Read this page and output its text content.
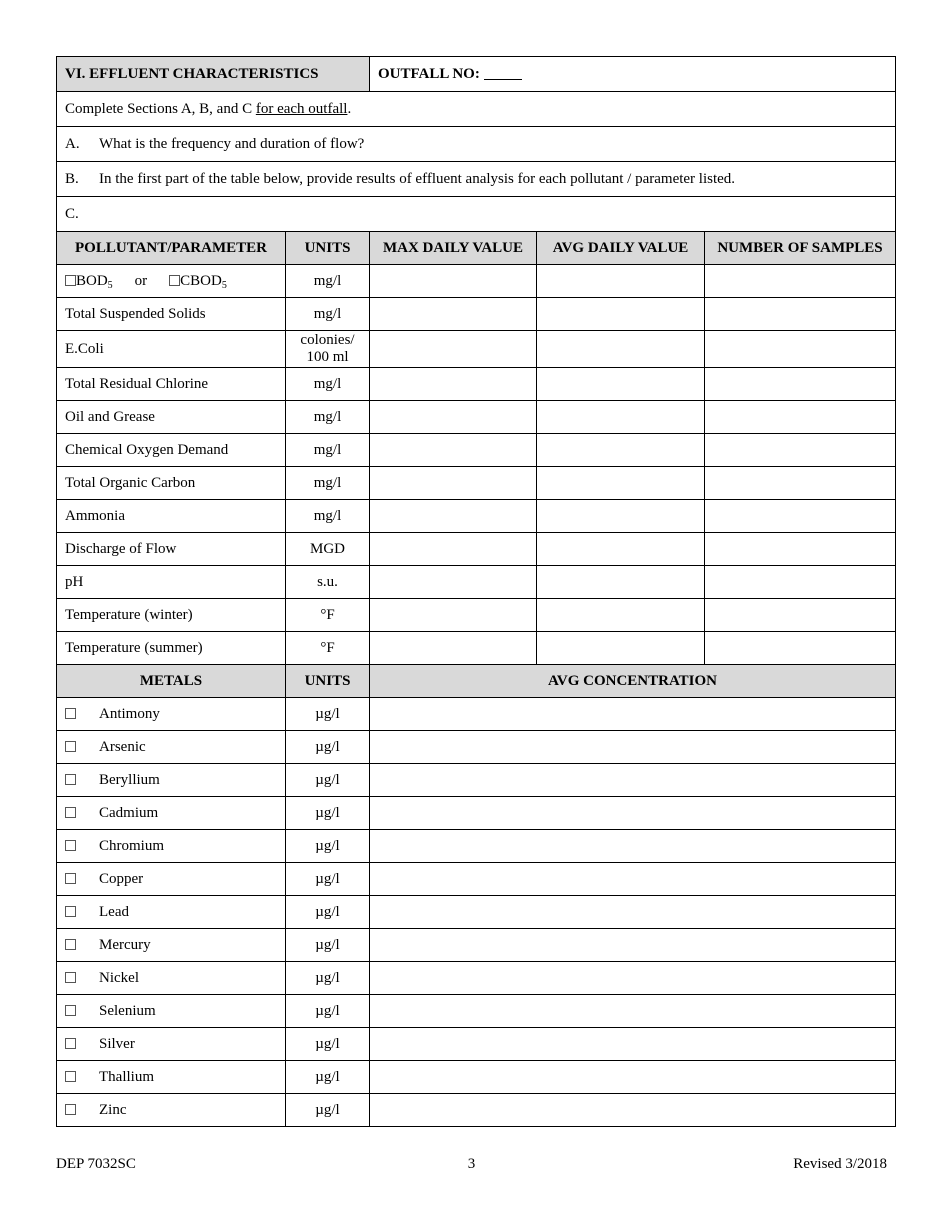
VI. EFFLUENT CHARACTERISTICS		OUTFALL NO:		
Complete Sections A, B, and C for each outfall.				
A. What is the frequency and duration of flow?				
B. In the first part of the table below, provide results of effluent analysis for each pollutant / parameter listed.				
C.				
POLLUTANT/PARAMETER	UNITS	MAX DAILY VALUE	AVG DAILY VALUE	NUMBER OF SAMPLES
$BOD_5$ or $CBOD_5$	mg/l			
Total Suspended Solids	mg/l			
E.Coli	colonies/
100 ml			
Total Residual Chlorine	mg/l			
Oil and Grease	mg/l			
Chemical Oxygen Demand	mg/l			
Total Organic Carbon	mg/l			
Ammonia	mg/l			
Discharge of Flow	MGD			
pH	s.u.			
Temperature (winter)	°F			
Temperature (summer)	°F			
METALS	UNITS	AVG CONCENTRATION		
Antimony	µg/l			
Arsenic	µg/l			
Beryllium	µg/l			
Cadmium	µg/l			
Chromium	µg/l			
Copper	µg/l			
Lead	µg/l			
Mercury	µg/l			
Nickel	µg/l			
Selenium	µg/l			
Silver	µg/l			
Thallium	µg/l			
Zinc	µg/l			
DEP 7032SC	3	Revised 3/2018
